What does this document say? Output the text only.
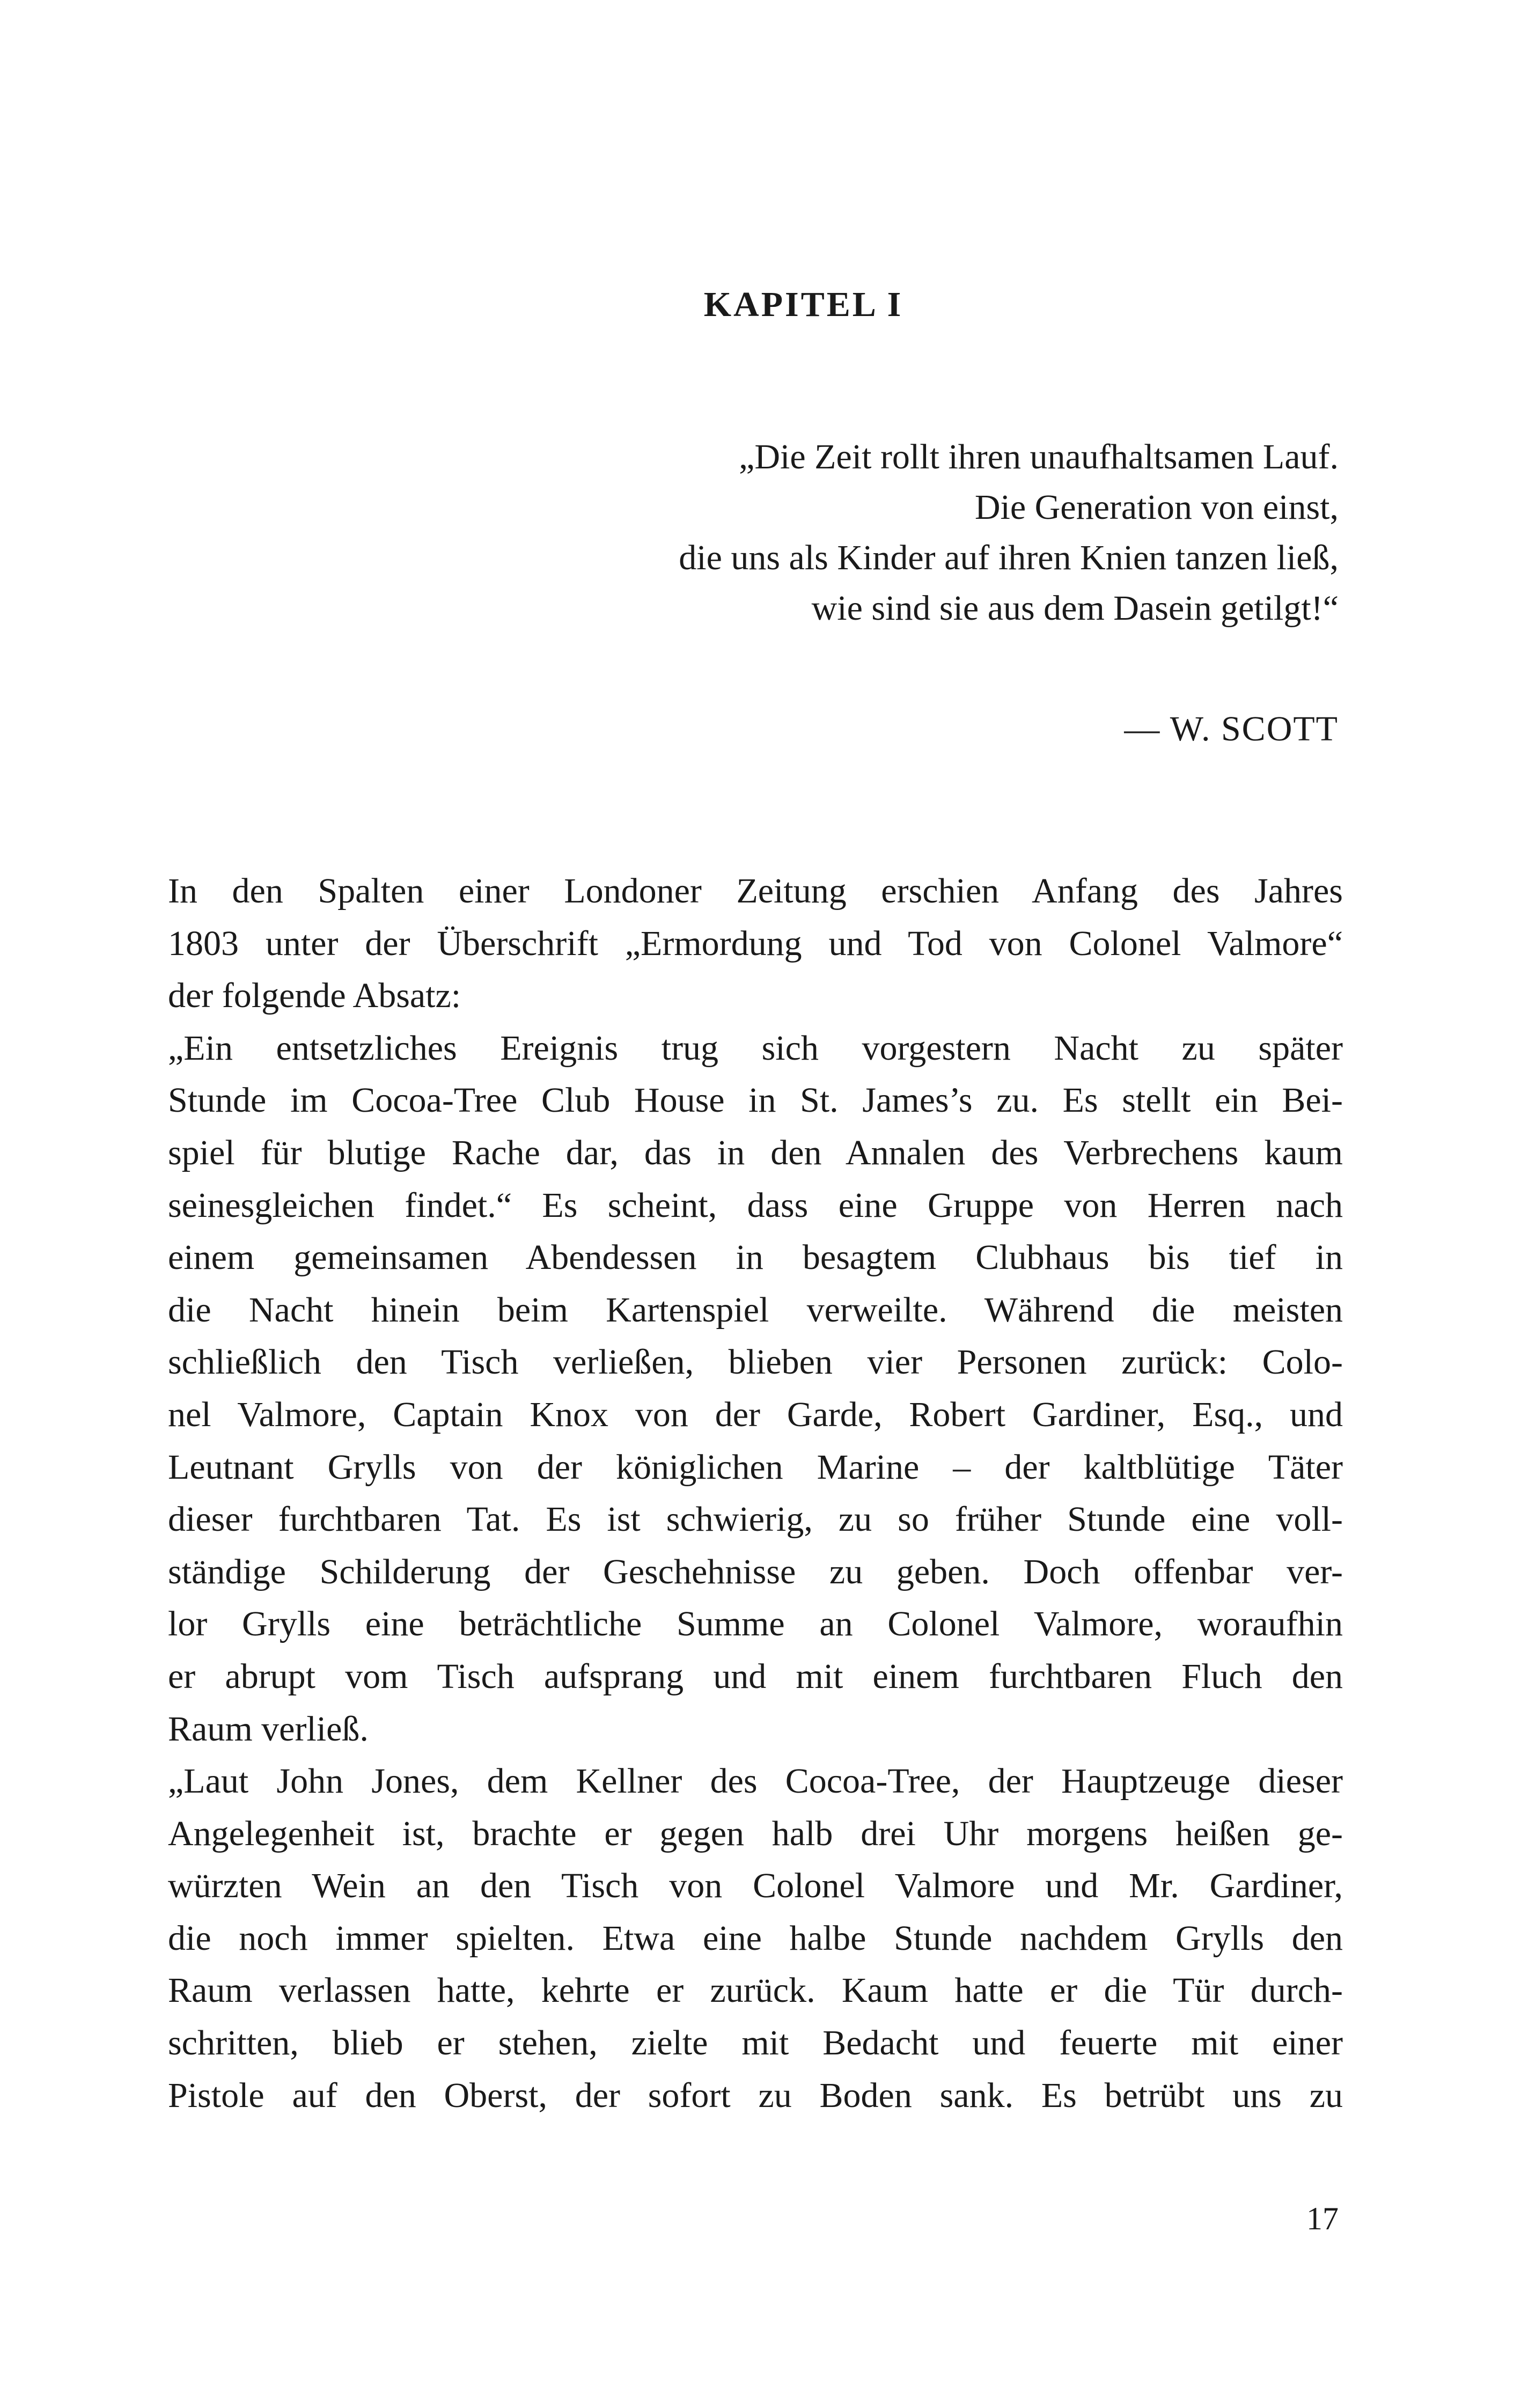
KAPITEL I
„Die Zeit rollt ihren unaufhaltsamen Lauf.
Die Generation von einst,
die uns als Kinder auf ihren Knien tanzen ließ,
wie sind sie aus dem Dasein getilgt!“
— W. SCOTT
In den Spalten einer Londoner Zeitung erschien Anfang des Jahres
1803 unter der Überschrift „Ermordung und Tod von Colonel Valmore“
der folgende Absatz:
„Ein entsetzliches Ereignis trug sich vorgestern Nacht zu später
Stunde im Cocoa-Tree Club House in St. James’s zu. Es stellt ein Bei-
spiel für blutige Rache dar, das in den Annalen des Verbrechens kaum
seinesgleichen findet.“ Es scheint, dass eine Gruppe von Herren nach
einem gemeinsamen Abendessen in besagtem Clubhaus bis tief in
die Nacht hinein beim Kartenspiel verweilte. Während die meisten
schließlich den Tisch verließen, blieben vier Personen zurück: Colo-
nel Valmore, Captain Knox von der Garde, Robert Gardiner, Esq., und
Leutnant Grylls von der königlichen Marine – der kaltblütige Täter
dieser furchtbaren Tat. Es ist schwierig, zu so früher Stunde eine voll-
ständige Schilderung der Geschehnisse zu geben. Doch offenbar ver-
lor Grylls eine beträchtliche Summe an Colonel Valmore, woraufhin
er abrupt vom Tisch aufsprang und mit einem furchtbaren Fluch den
Raum verließ.
„Laut John Jones, dem Kellner des Cocoa-Tree, der Hauptzeuge dieser
Angelegenheit ist, brachte er gegen halb drei Uhr morgens heißen ge-
würzten Wein an den Tisch von Colonel Valmore und Mr. Gardiner,
die noch immer spielten. Etwa eine halbe Stunde nachdem Grylls den
Raum verlassen hatte, kehrte er zurück. Kaum hatte er die Tür durch-
schritten, blieb er stehen, zielte mit Bedacht und feuerte mit einer
Pistole auf den Oberst, der sofort zu Boden sank. Es betrübt uns zu
17
